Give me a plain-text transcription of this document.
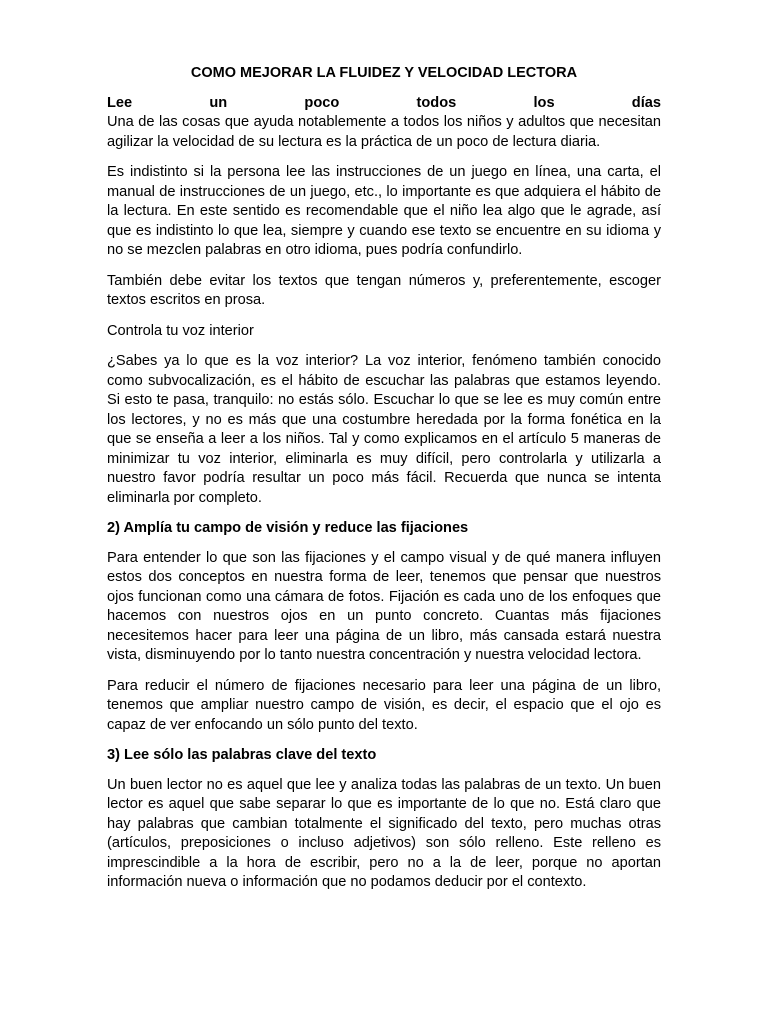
COMO MEJORAR LA FLUIDEZ Y VELOCIDAD LECTORA

Lee un poco todos los días
Una de las cosas que ayuda notablemente a todos los niños y adultos que necesitan agilizar la velocidad de su lectura es la práctica de un poco de lectura diaria.

Es indistinto si la persona lee las instrucciones de un juego en línea, una carta, el manual de instrucciones de un juego, etc., lo importante es que adquiera el hábito de la lectura. En este sentido es recomendable que el niño lea algo que le agrade, así que es indistinto lo que lea, siempre y cuando ese texto se encuentre en su idioma y no se mezclen palabras en otro idioma, pues podría confundirlo.

También debe evitar los textos que tengan números y, preferentemente, escoger textos escritos en prosa.

Controla tu voz interior

¿Sabes ya lo que es la voz interior? La voz interior, fenómeno también conocido como subvocalización, es el hábito de escuchar las palabras que estamos leyendo. Si esto te pasa, tranquilo: no estás sólo. Escuchar lo que se lee es muy común entre los lectores, y no es más que una costumbre heredada por la forma fonética en la que se enseña a leer a los niños. Tal y como explicamos en el artículo 5 maneras de minimizar tu voz interior, eliminarla es muy difícil, pero controlarla y utilizarla a nuestro favor podría resultar un poco más fácil. Recuerda que nunca se intenta eliminarla por completo.

2) Amplía tu campo de visión y reduce las fijaciones

Para entender lo que son las fijaciones y el campo visual y de qué manera influyen estos dos conceptos en nuestra forma de leer, tenemos que pensar que nuestros ojos funcionan como una cámara de fotos. Fijación es cada uno de los enfoques que hacemos con nuestros ojos en un punto concreto. Cuantas más fijaciones necesitemos hacer para leer una página de un libro, más cansada estará nuestra vista, disminuyendo por lo tanto nuestra concentración y nuestra velocidad lectora.

Para reducir el número de fijaciones necesario para leer una página de un libro, tenemos que ampliar nuestro campo de visión, es decir, el espacio que el ojo es capaz de ver enfocando un sólo punto del texto.

3) Lee sólo las palabras clave del texto

Un buen lector no es aquel que lee y analiza todas las palabras de un texto. Un buen lector es aquel que sabe separar lo que es importante de lo que no. Está claro que hay palabras que cambian totalmente el significado del texto, pero muchas otras (artículos, preposiciones o incluso adjetivos) son sólo relleno. Este relleno es imprescindible a la hora de escribir, pero no a la de leer, porque no aportan información nueva o información que no podamos deducir por el contexto.
